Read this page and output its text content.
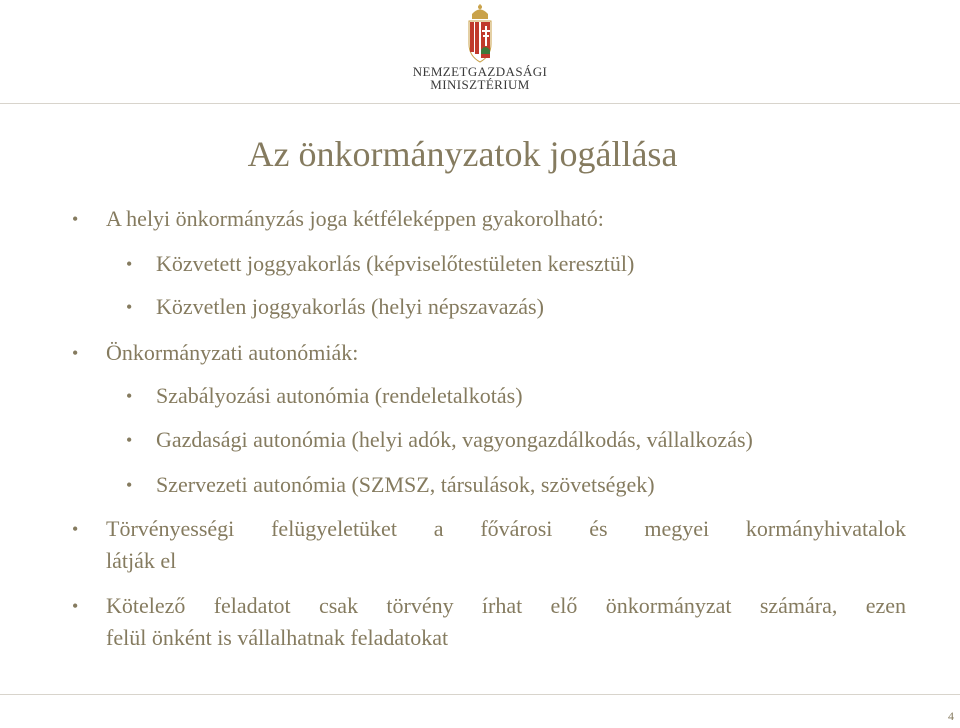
NEMZETGAZDASÁGI
MINISZTÉRIUM
Az önkormányzatok jogállása
• A helyi önkormányzás joga kétféleképpen gyakorolható:
• Közvetett joggyakorlás (képviselőtestületen keresztül)
• Közvetlen joggyakorlás (helyi népszavazás)
• Önkormányzati autonómiák:
• Szabályozási autonómia (rendeletalkotás)
• Gazdasági autonómia (helyi adók, vagyongazdálkodás, vállalkozás)
• Szervezeti autonómia (SZMSZ, társulások, szövetségek)
• Törvényességi felügyeletüket a fővárosi és megyei kormányhivatalok
látják el
• Kötelező feladatot csak törvény írhat elő önkormányzat számára, ezen
felül önként is vállalhatnak feladatokat
4
